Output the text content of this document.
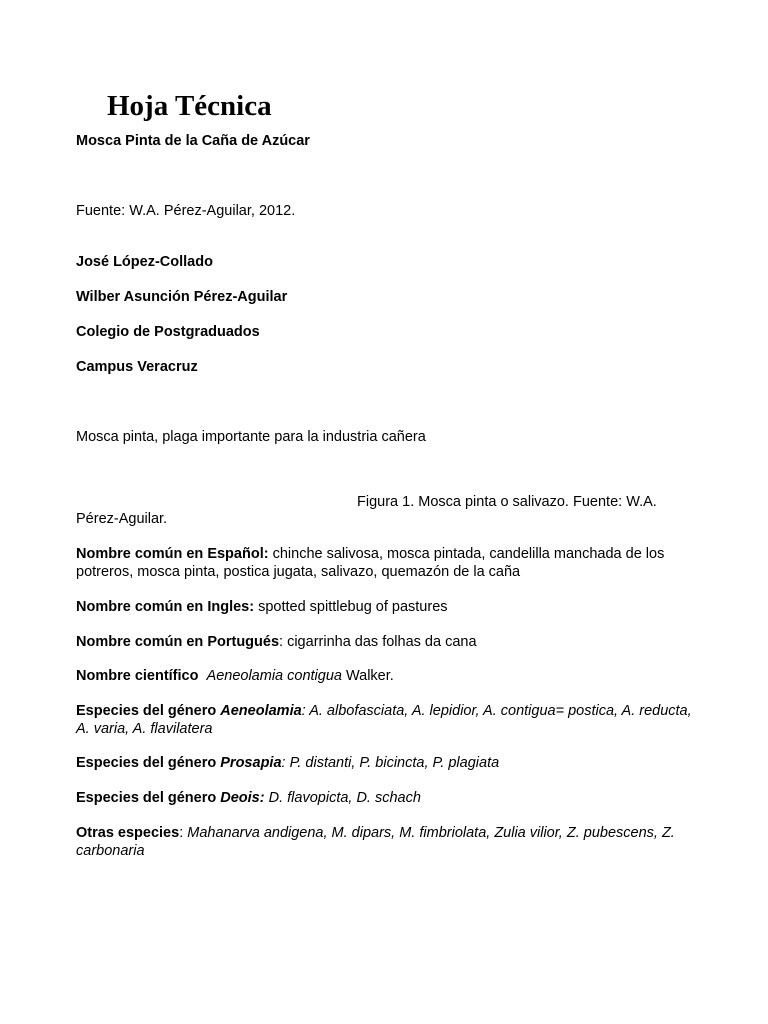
Hoja Técnica
Mosca Pinta de la Caña de Azúcar
Fuente: W.A. Pérez-Aguilar, 2012.
José López-Collado
Wilber Asunción Pérez-Aguilar
Colegio de Postgraduados
Campus Veracruz
Mosca pinta, plaga importante para la industria cañera
Figura 1. Mosca pinta o salivazo. Fuente: W.A.
Pérez-Aguilar.
Nombre común en Español: chinche salivosa, mosca pintada, candelilla manchada de los potreros, mosca pinta, postica jugata, salivazo, quemazón de la caña
Nombre común en Ingles: spotted spittlebug of pastures
Nombre común en Portugués: cigarrinha das folhas da cana
Nombre científico Aeneolamia contigua Walker.
Especies del género Aeneolamia: A. albofasciata, A. lepidior, A. contigua= postica, A. reducta, A. varia, A. flavilatera
Especies del género Prosapia: P. distanti, P. bicincta, P. plagiata
Especies del género Deois: D. flavopicta, D. schach
Otras especies: Mahanarva andigena, M. dipars, M. fimbriolata, Zulia vilior, Z. pubescens, Z. carbonaria
